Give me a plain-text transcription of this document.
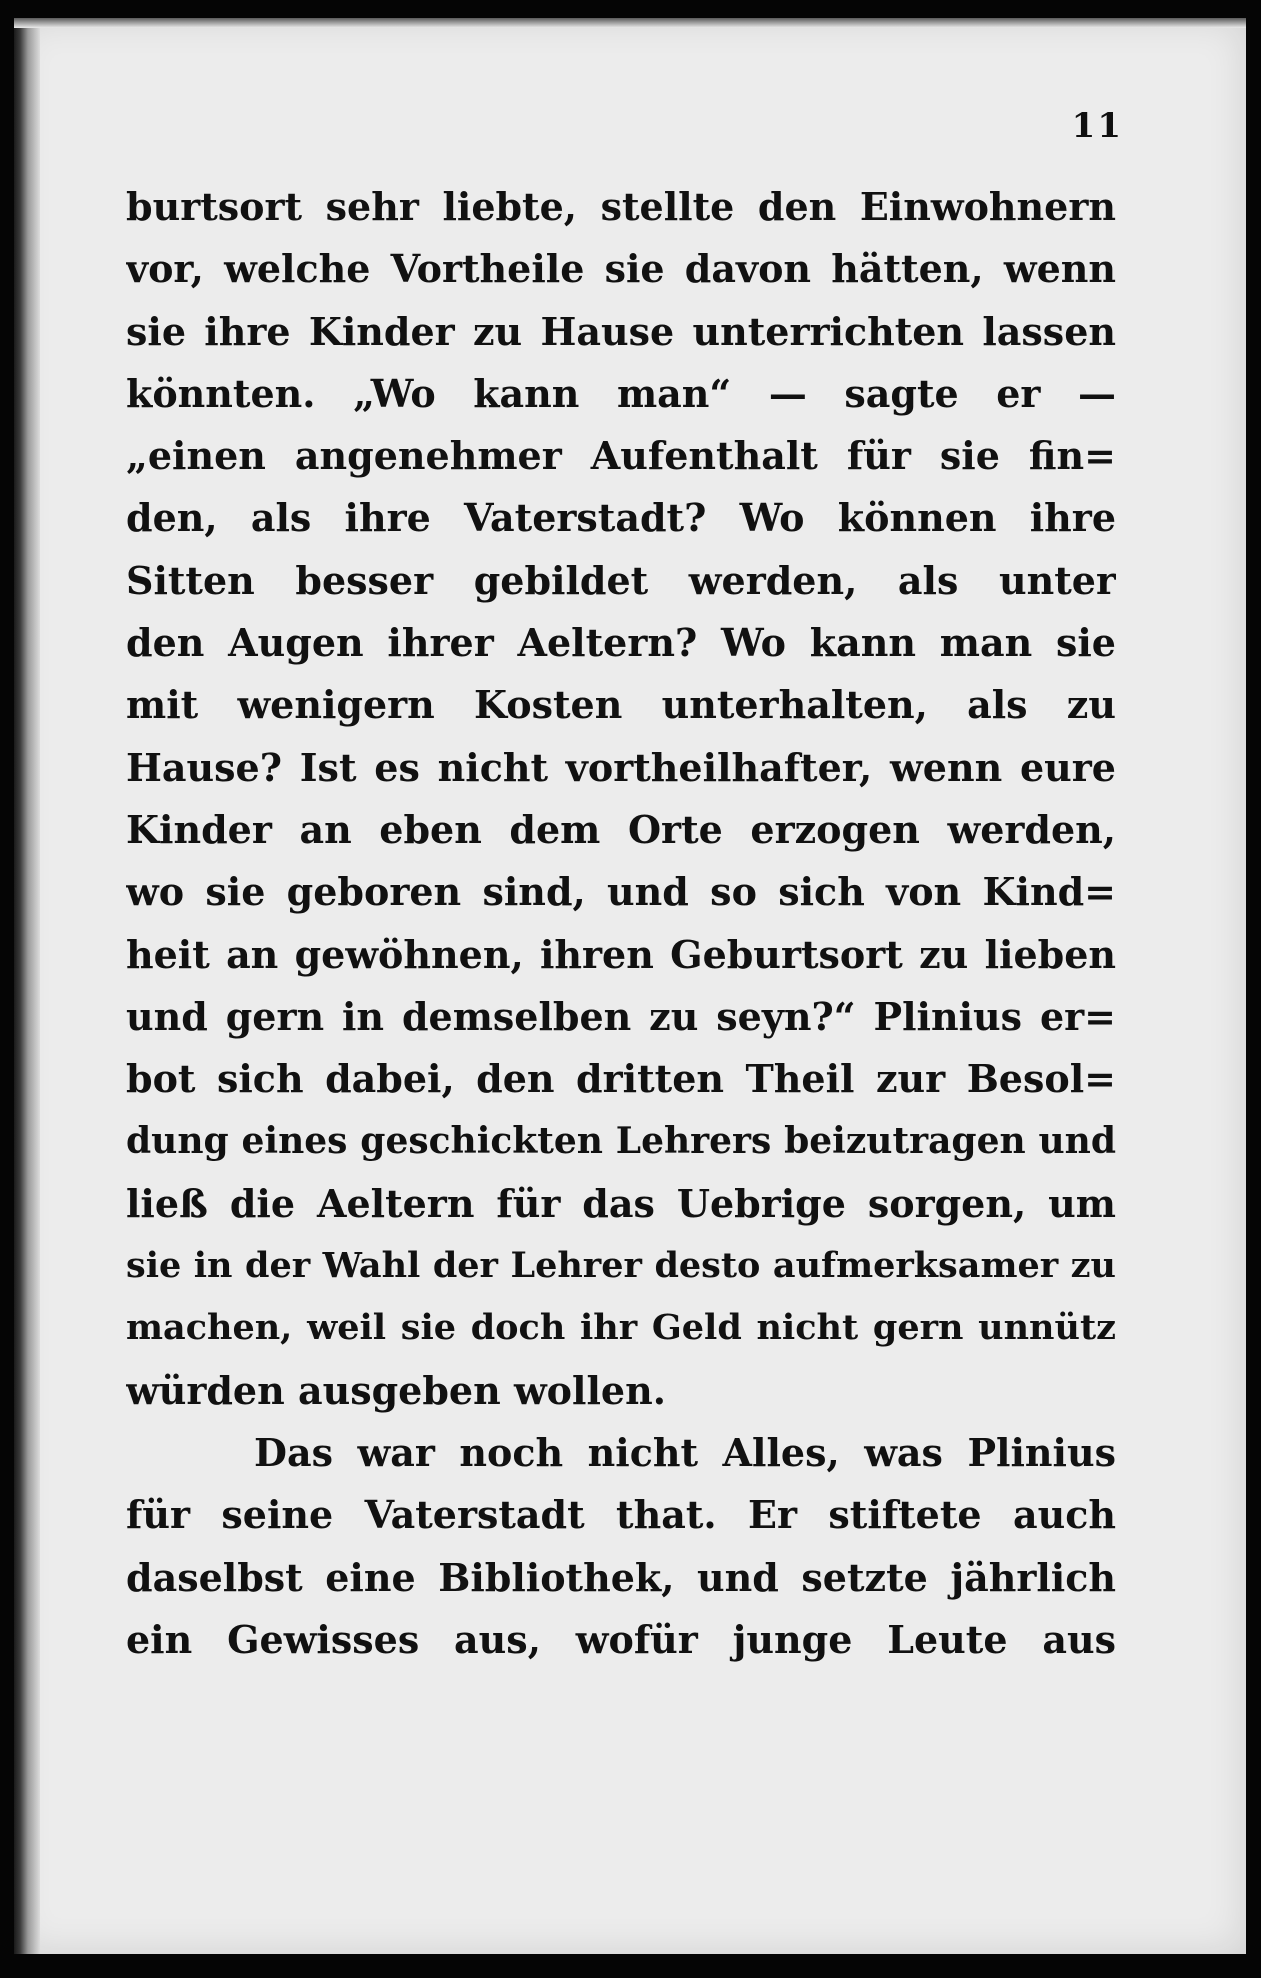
11
burtsort sehr liebte, stellte den Einwohnern
vor, welche Vortheile sie davon hätten, wenn
sie ihre Kinder zu Hause unterrichten lassen
könnten. „Wo kann man“ — sagte er —
„einen angenehmer Aufenthalt für sie fin=
den, als ihre Vaterstadt? Wo können ihre
Sitten besser gebildet werden, als unter
den Augen ihrer Aeltern? Wo kann man sie
mit wenigern Kosten unterhalten, als zu
Hause? Ist es nicht vortheilhafter, wenn eure
Kinder an eben dem Orte erzogen werden,
wo sie geboren sind, und so sich von Kind=
heit an gewöhnen, ihren Geburtsort zu lieben
und gern in demselben zu seyn?“ Plinius er=
bot sich dabei, den dritten Theil zur Besol=
dung eines geschickten Lehrers beizutragen und
ließ die Aeltern für das Uebrige sorgen, um
sie in der Wahl der Lehrer desto aufmerksamer zu
machen, weil sie doch ihr Geld nicht gern unnütz
würden ausgeben wollen.
Das war noch nicht Alles, was Plinius
für seine Vaterstadt that. Er stiftete auch
daselbst eine Bibliothek, und setzte jährlich
ein Gewisses aus, wofür junge Leute aus
